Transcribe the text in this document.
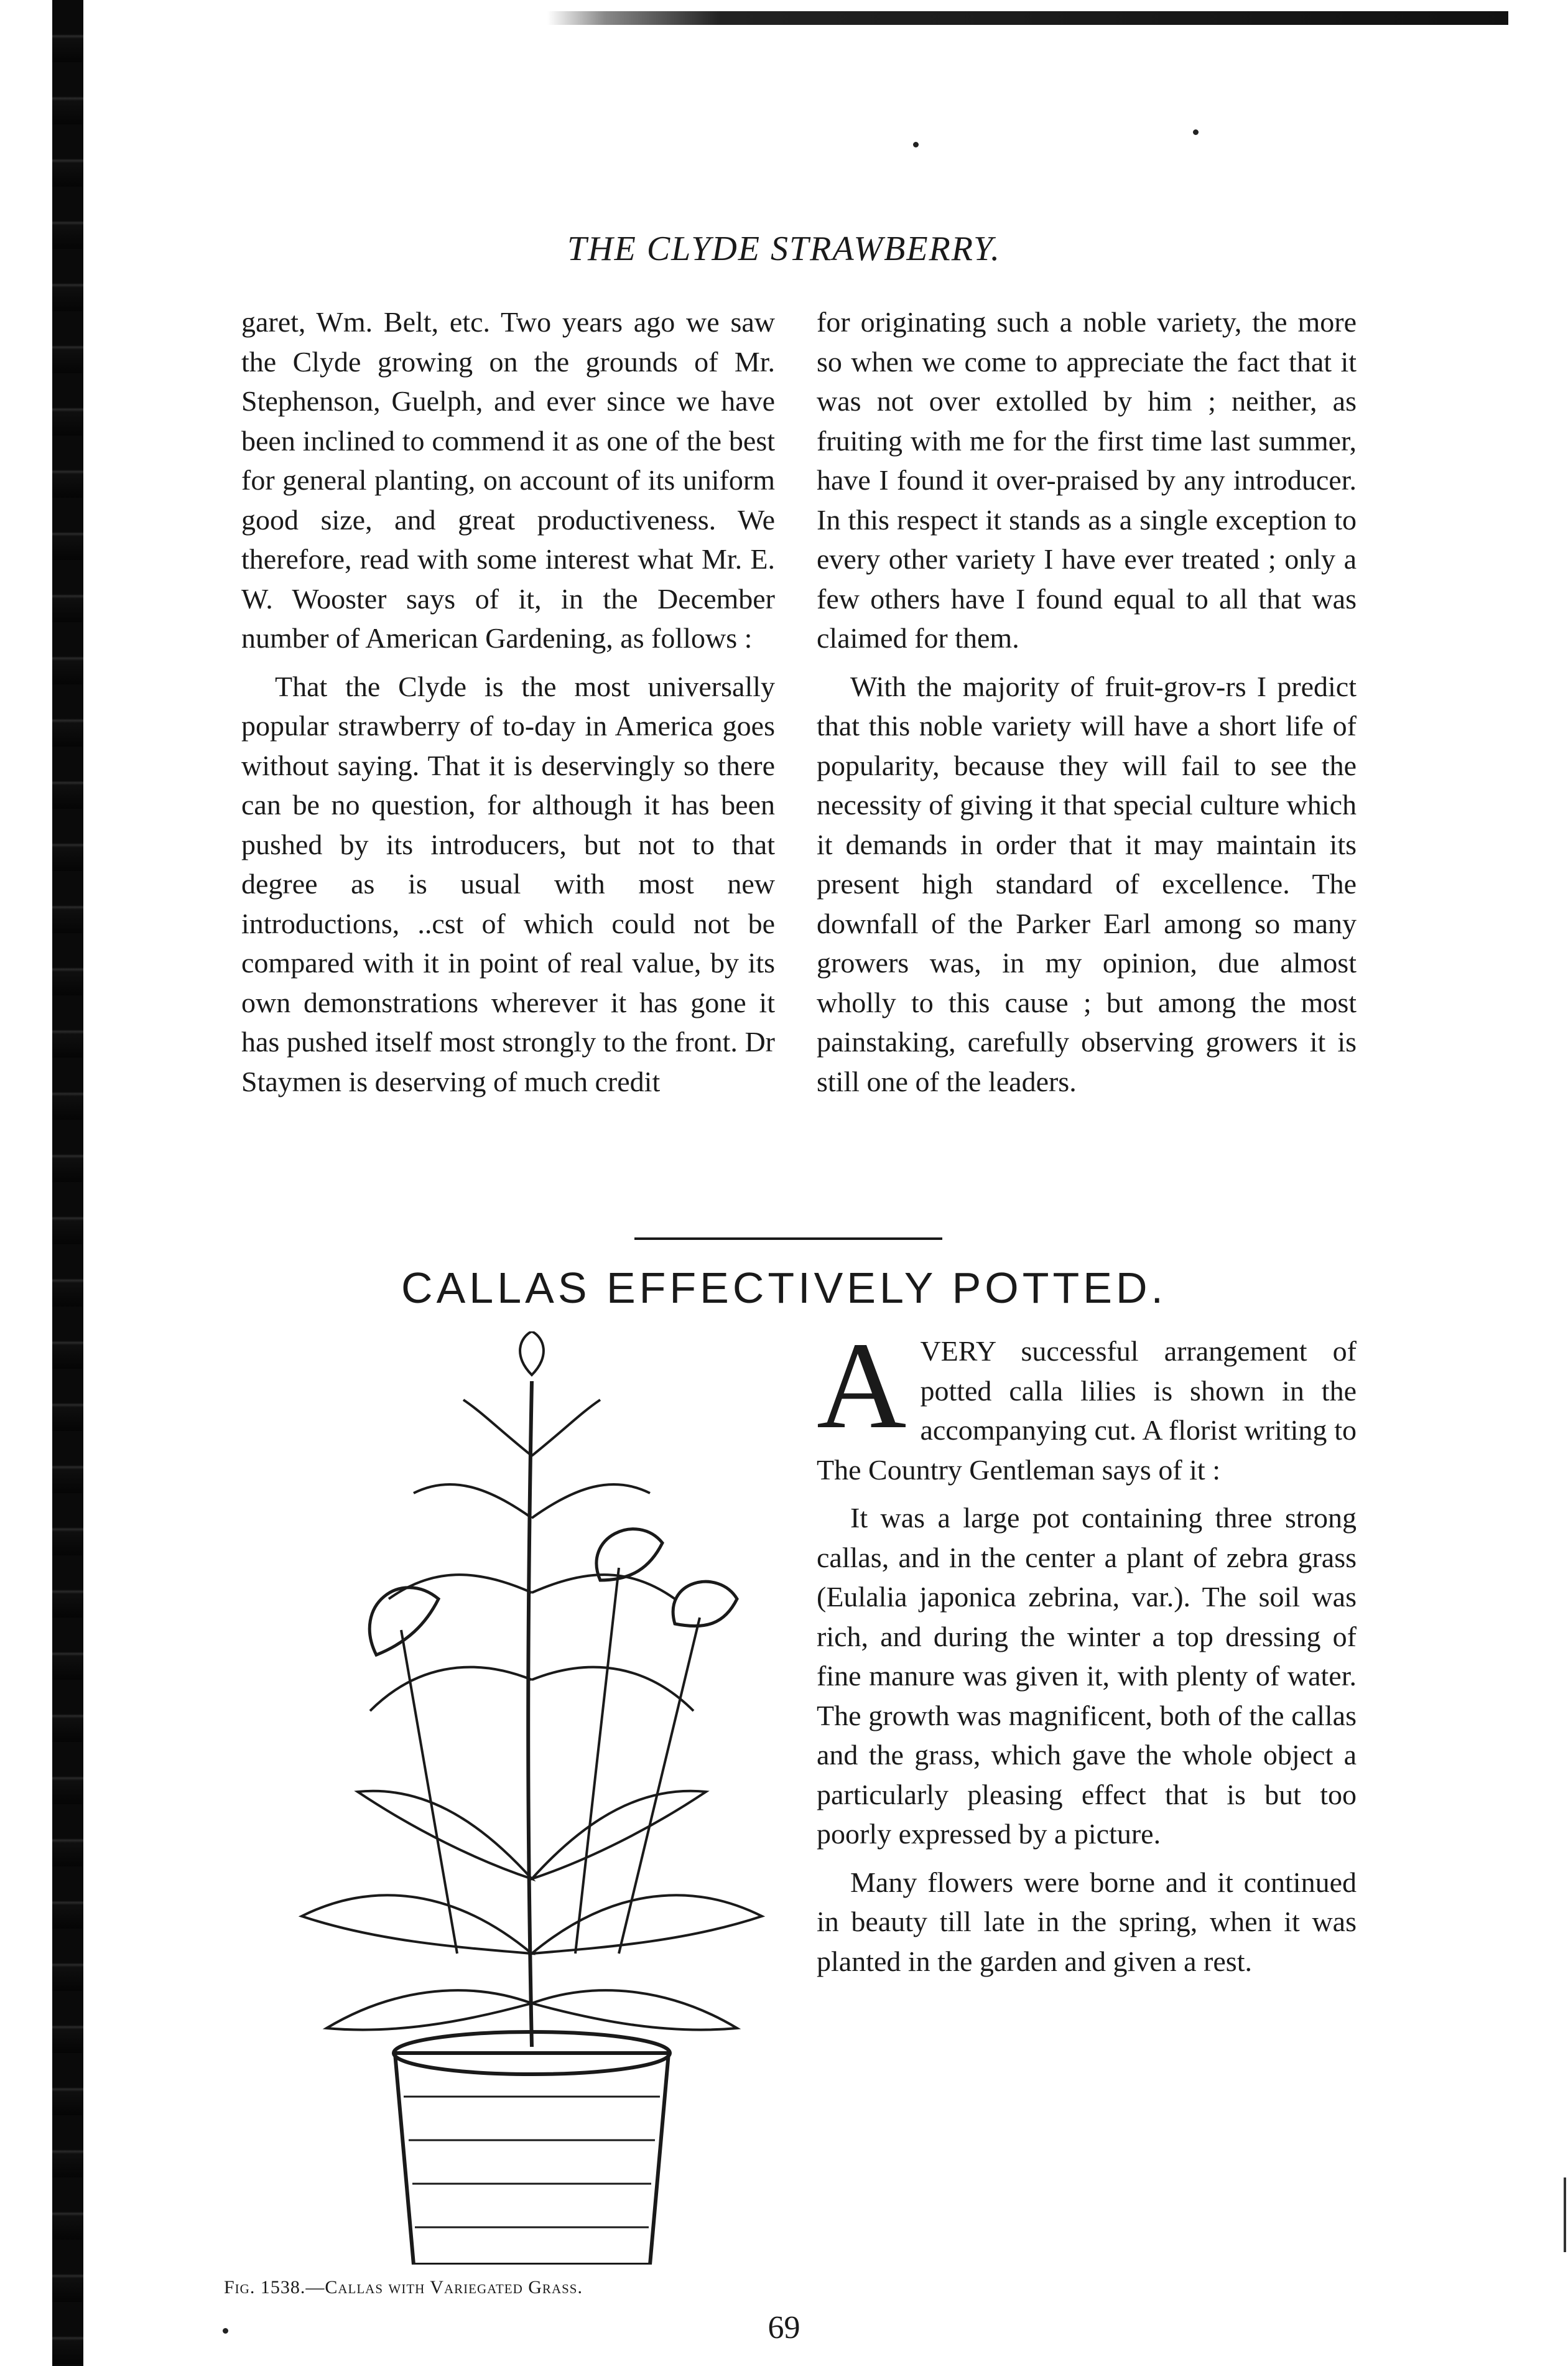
THE CLYDE STRAWBERRY.

garet, Wm. Belt, etc. Two years ago we saw the Clyde growing on the grounds of Mr. Stephenson, Guelph, and ever since we have been inclined to commend it as one of the best for general planting, on account of its uniform good size, and great productiveness. We therefore, read with some interest what Mr. E. W. Wooster says of it, in the December number of American Gardening, as follows :

That the Clyde is the most universally popular strawberry of to-day in America goes without saying. That it is deservingly so there can be no question, for although it has been pushed by its introducers, but not to that degree as is usual with most new introductions, ..cst of which could not be compared with it in point of real value, by its own demonstrations wherever it has gone it has pushed itself most strongly to the front. Dr Staymen is deserving of much credit

for originating such a noble variety, the more so when we come to appreciate the fact that it was not over extolled by him ; neither, as fruiting with me for the first time last summer, have I found it over-praised by any introducer. In this respect it stands as a single exception to every other variety I have ever treated ; only a few others have I found equal to all that was claimed for them.

With the majority of fruit-grov-rs I predict that this noble variety will have a short life of popularity, because they will fail to see the necessity of giving it that special culture which it demands in order that it may maintain its present high standard of excellence. The downfall of the Parker Earl among so many growers was, in my opinion, due almost wholly to this cause ; but among the most painstaking, carefully observing growers it is still one of the leaders.

CALLAS EFFECTIVELY POTTED.
Fig. 1538.—Callas with Variegated Grass.

AVERY successful arrangement of potted calla lilies is shown in the accompanying cut. A florist writing to The Country Gentleman says of it :

It was a large pot containing three strong callas, and in the center a plant of zebra grass (Eulalia japonica zebrina, var.). The soil was rich, and during the winter a top dressing of fine manure was given it, with plenty of water. The growth was magnificent, both of the callas and the grass, which gave the whole object a particularly pleasing effect that is but too poorly expressed by a picture.

Many flowers were borne and it continued in beauty till late in the spring, when it was planted in the garden and given a rest.

69
